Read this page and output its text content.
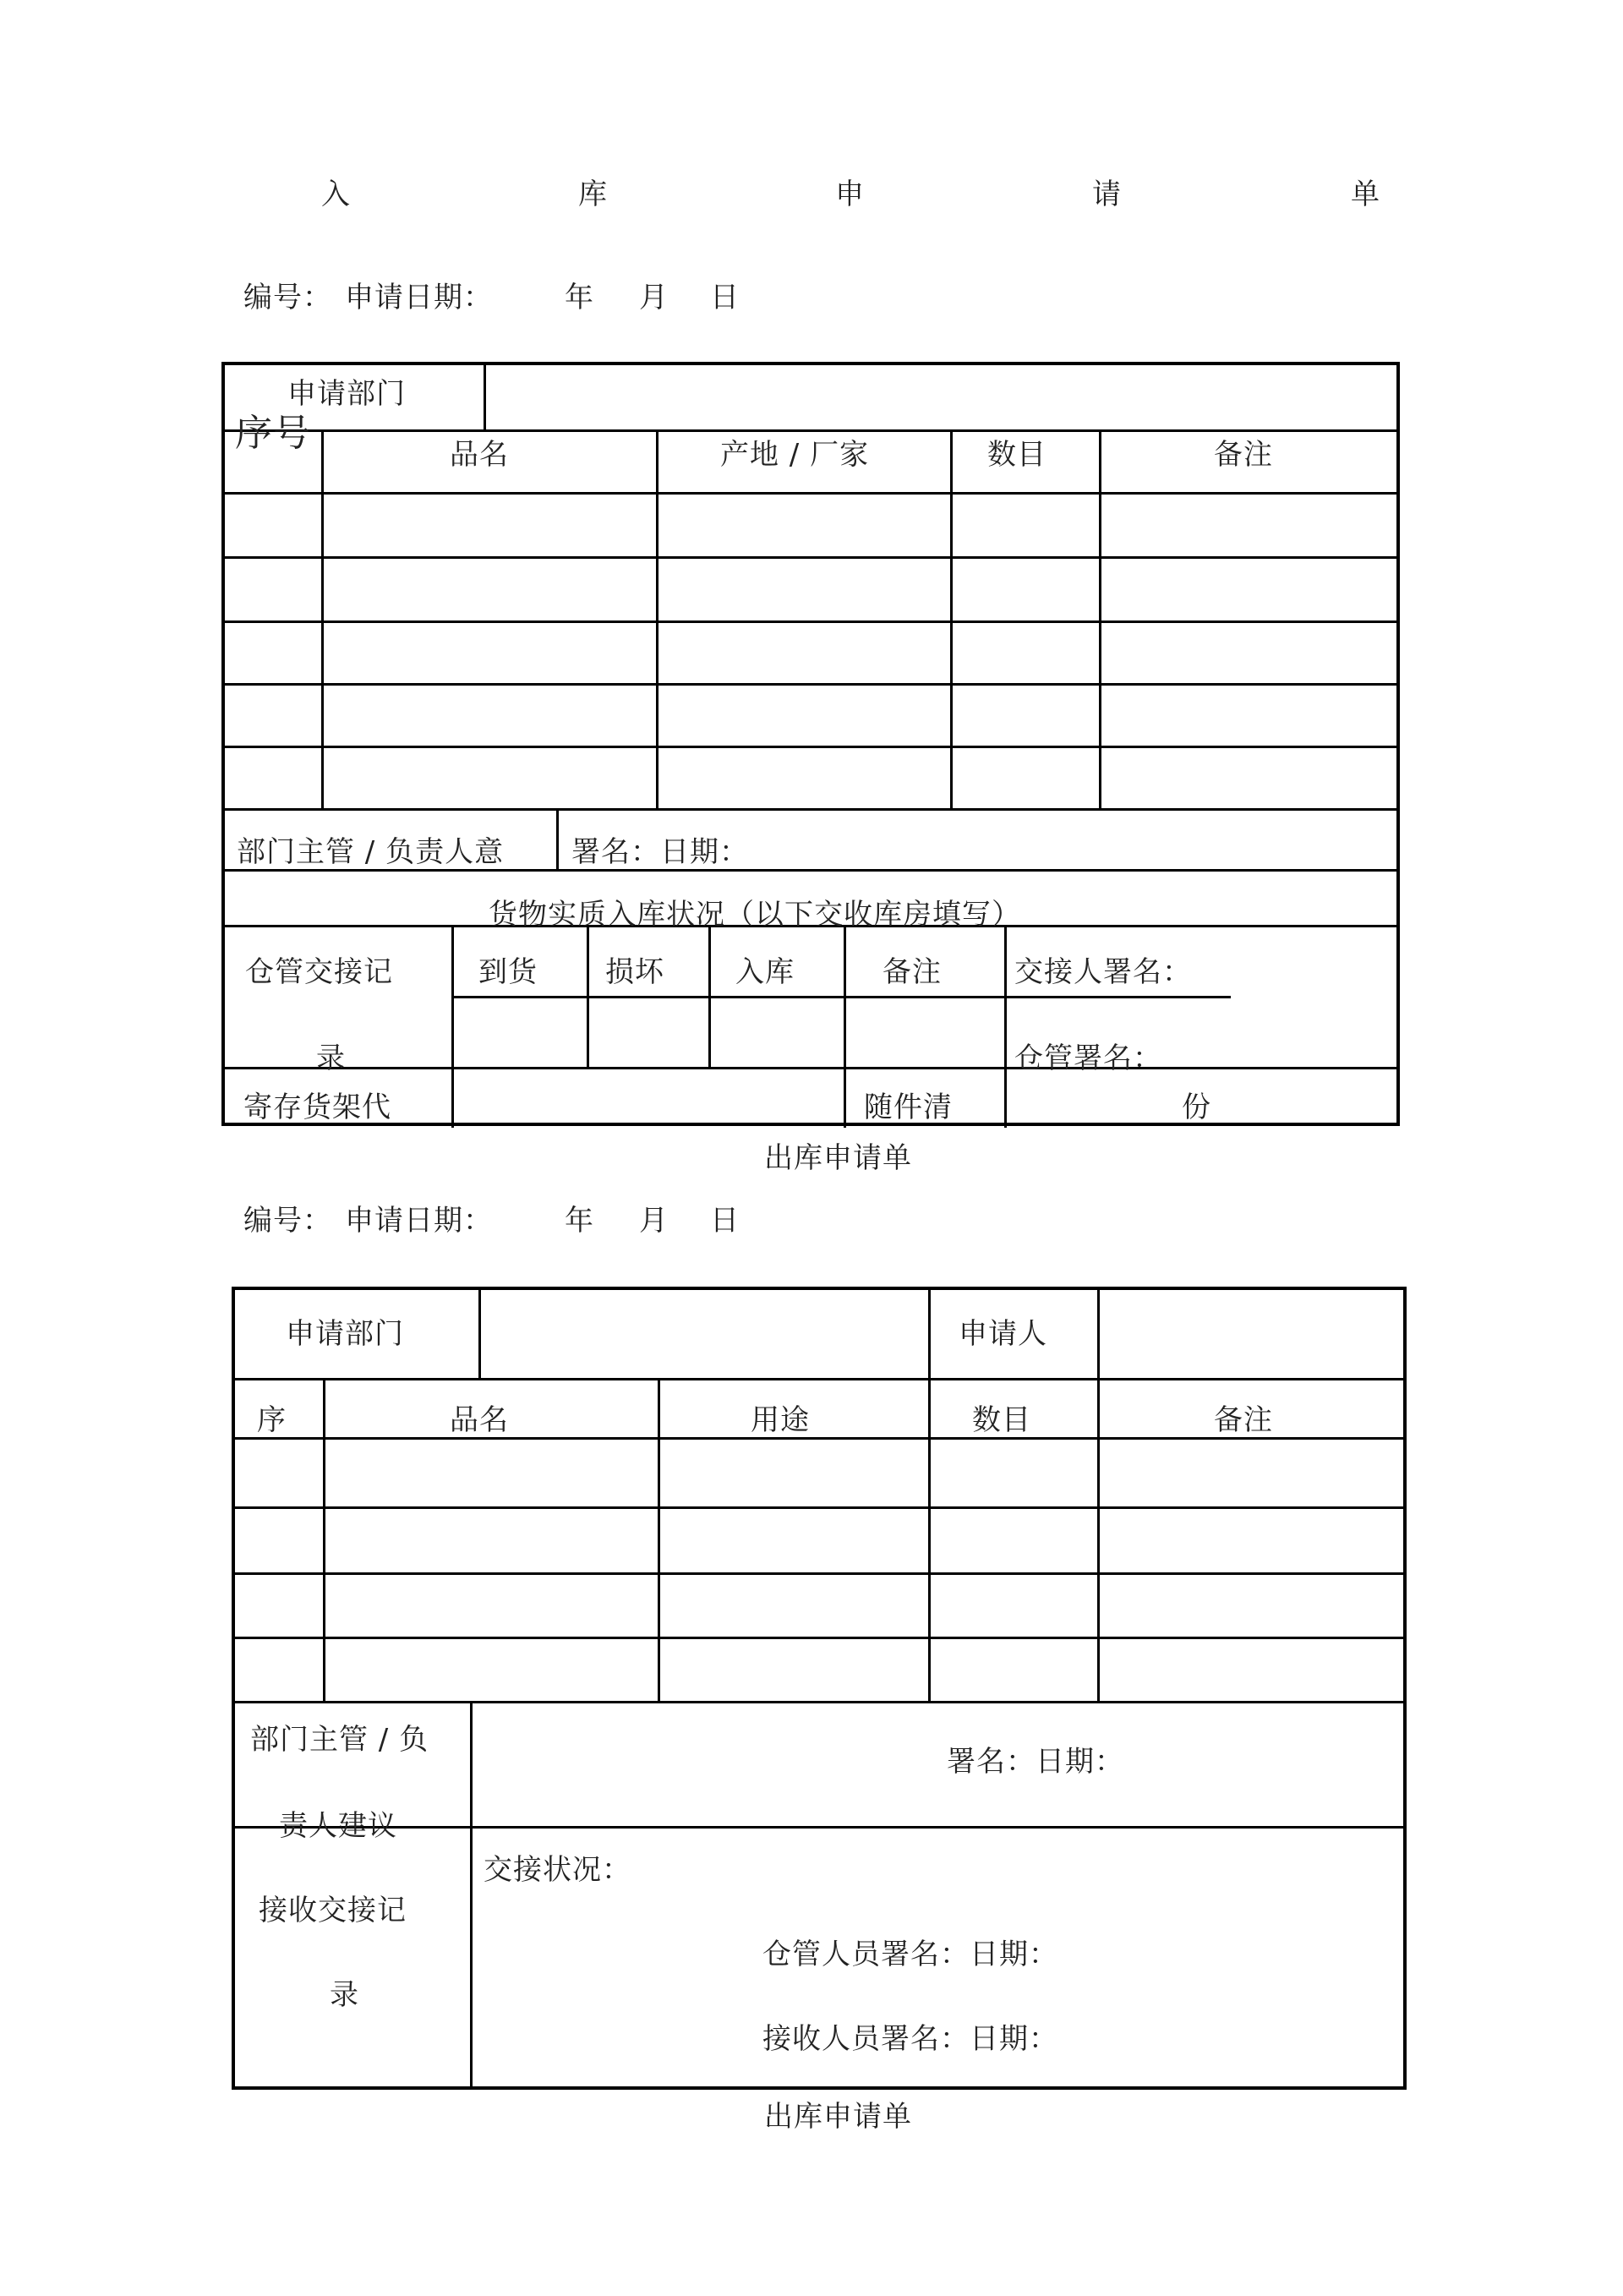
入	库	申	请	单
编号： 申请日期：	年 月 日
申请部门
序号	品名	产地 / 厂家	数目	备注
部门主管 / 负责人意 署名：日期：
货物实质入库状况（以下交收库房填写）
仓管交接记
录
到货 损坏 入库	备注	交接人署名：
仓管署名：
寄存货架代	随件清	份
出库申请单
编号： 申请日期：	年 月 日
申请部门	申请人
序	品名	用途	数目	备注
部门主管 / 负
责人建议
署名：日期：
接收交接记
录
交接状况：
仓管人员署名：日期：
接收人员署名：日期：
出库申请单
